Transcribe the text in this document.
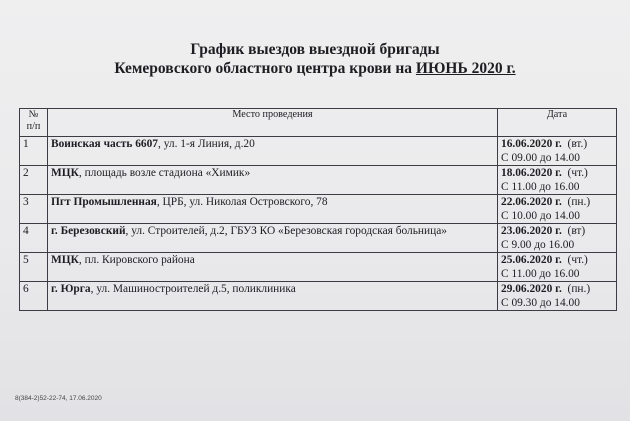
График выездов выездной бригады
Кемеровского областного центра крови на ИЮНЬ 2020 г.
№
п/п	Место проведения	Дата
1	Воинская часть 6607, ул. 1-я Линия, д.20	16.06.2020 г. (вт.)
С 09.00 до 14.00

2	МЦК, площадь возле стадиона «Химик»	18.06.2020 г. (чт.)
С 11.00 до 16.00

3	Пгт Промышленная, ЦРБ, ул. Николая Островского, 78	22.06.2020 г. (пн.)
С 10.00 до 14.00

4	г. Березовский, ул. Строителей, д.2, ГБУЗ КО «Березовская городская больница»	23.06.2020 г. (вт)
С 9.00 до 16.00

5	МЦК, пл. Кировского района	25.06.2020 г. (чт.)
С 11.00 до 16.00

6	г. Юрга, ул. Машиностроителей д.5, поликлиника	29.06.2020 г. (пн.)
С 09.30 до 14.00
8(384-2)52-22-74, 17.06.2020
